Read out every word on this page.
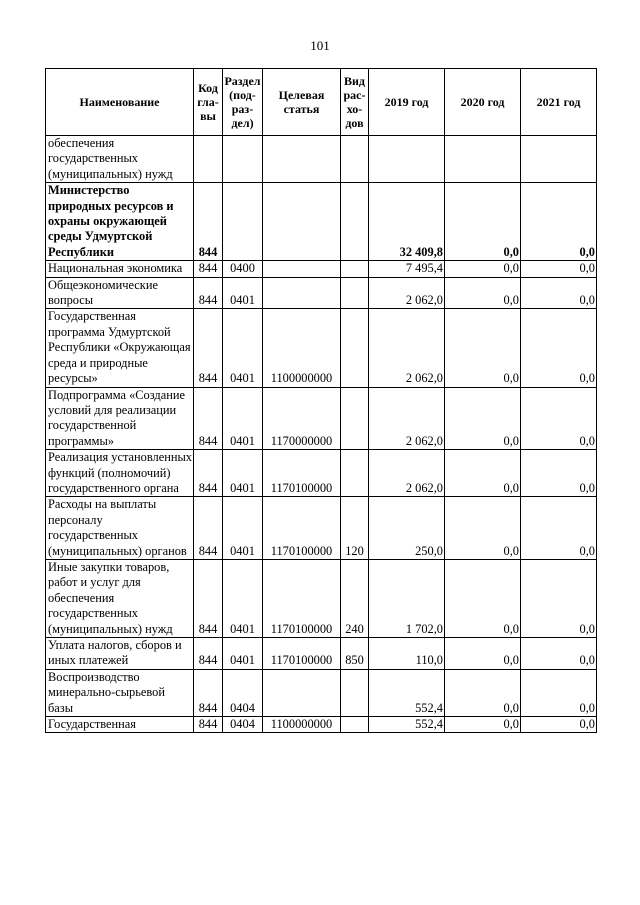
101
Наименование	Код гла- вы	Раздел (под- раз- дел)	Целевая статья	Вид рас- хо- дов	2019 год	2020 год	2021 год
обеспечения государственных (муниципальных) нужд							
Министерство природных ресурсов и охраны окружающей среды Удмуртской Республики	844				32 409,8	0,0	0,0
Национальная экономика	844	0400			7 495,4	0,0	0,0
Общеэкономические вопросы	844	0401			2 062,0	0,0	0,0
Государственная программа Удмуртской Республики «Окружающая среда и природные ресурсы»	844	0401	1100000000		2 062,0	0,0	0,0
Подпрограмма «Создание условий для реализации государственной программы»	844	0401	1170000000		2 062,0	0,0	0,0
Реализация установленных функций (полномочий) государственного органа	844	0401	1170100000		2 062,0	0,0	0,0
Расходы на выплаты персоналу государственных (муниципальных) органов	844	0401	1170100000	120	250,0	0,0	0,0
Иные закупки товаров, работ и услуг для обеспечения государственных (муниципальных) нужд	844	0401	1170100000	240	1 702,0	0,0	0,0
Уплата налогов, сборов и иных платежей	844	0401	1170100000	850	110,0	0,0	0,0
Воспроизводство минерально-сырьевой базы	844	0404			552,4	0,0	0,0
Государственная	844	0404	1100000000		552,4	0,0	0,0
